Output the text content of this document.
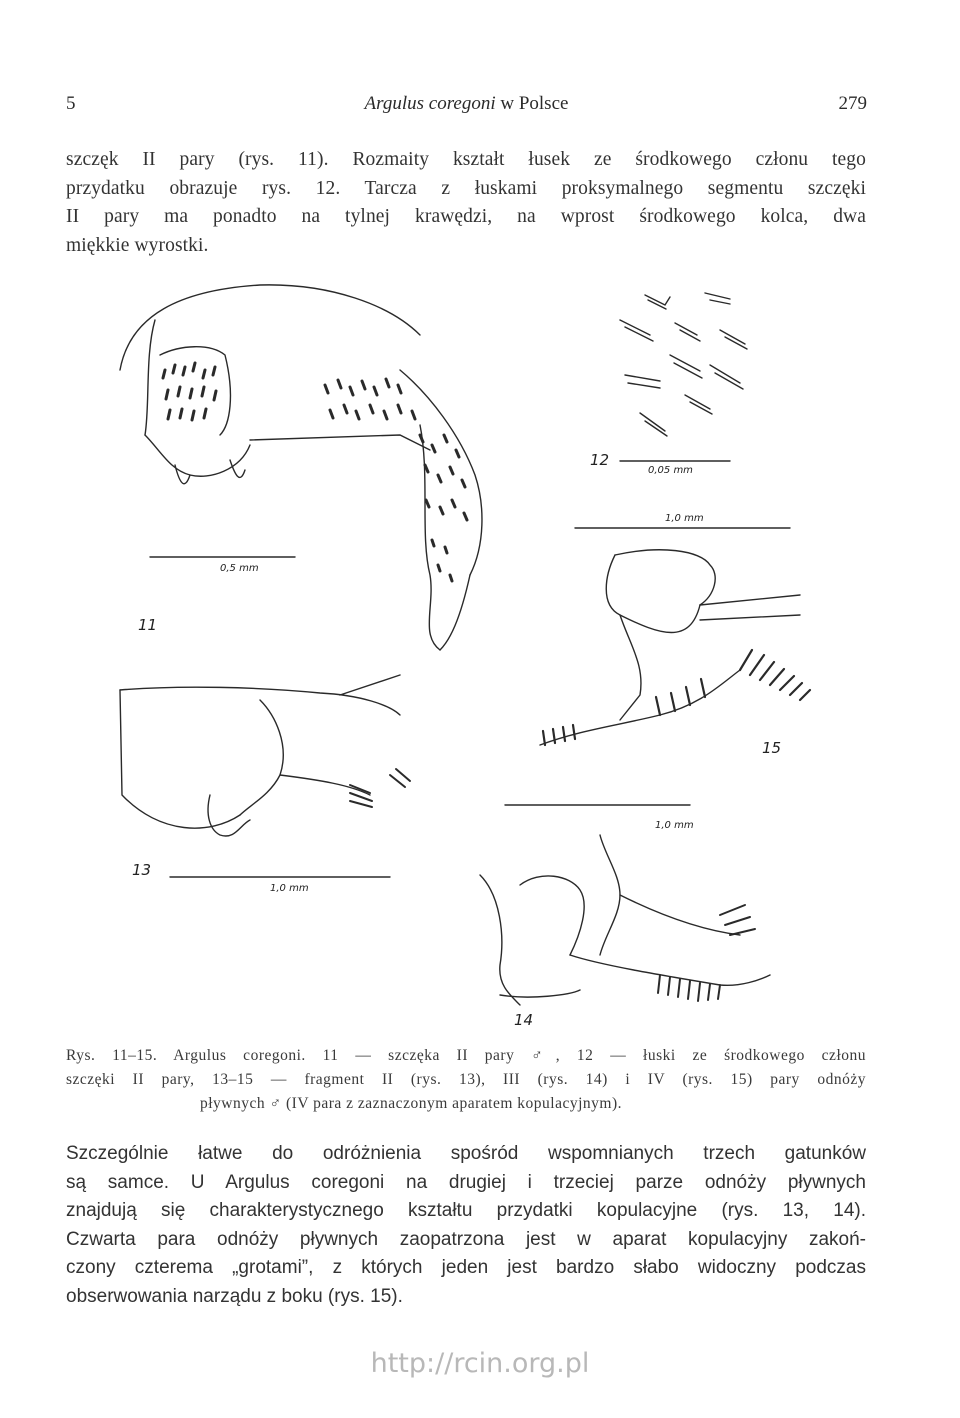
5	Argulus coregoni w Polsce	279
szczęk II pary (rys. 11). Rozmaity kształt łusek ze środkowego członu tego
przydatku obrazuje rys. 12. Tarcza z łuskami proksymalnego segmentu szczęki
II pary ma ponadto na tylnej krawędzi, na wprost środkowego kolca, dwa
miękkie wyrostki.
11
12
15
13
14
0,5 mm
0,05 mm
1,0 mm
1,0 mm
1,0 mm
Rys. 11–15. Argulus coregoni. 11 — szczęka II pary ♂, 12 — łuski ze środkowego członu
szczęki II pary, 13–15 — fragment II (rys. 13), III (rys. 14) i IV (rys. 15) pary odnóży
pływnych ♂ (IV para z zaznaczonym aparatem kopulacyjnym).
Szczególnie łatwe do odróżnienia spośród wspomnianych trzech gatunków
są samce. U Argulus coregoni na drugiej i trzeciej parze odnóży pływnych
znajdują się charakterystycznego kształtu przydatki kopulacyjne (rys. 13, 14).
Czwarta para odnóży pływnych zaopatrzona jest w aparat kopulacyjny zakoń-
czony czterema „grotami”, z których jeden jest bardzo słabo widoczny podczas
obserwowania narządu z boku (rys. 15).
http://rcin.org.pl
